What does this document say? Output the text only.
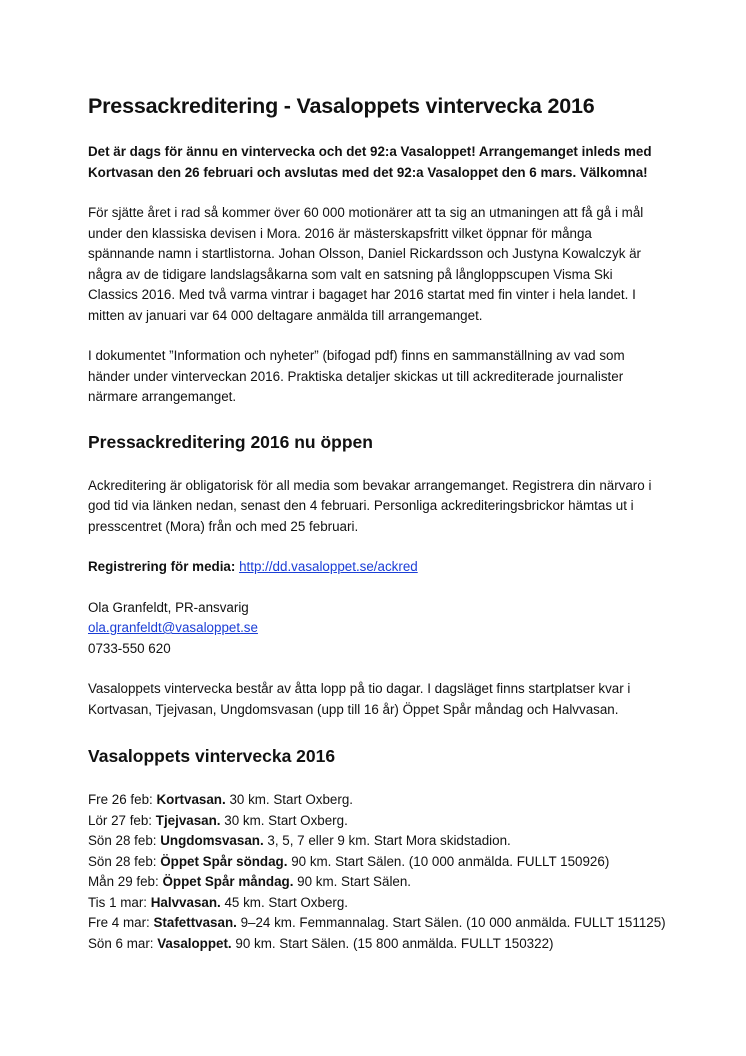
Pressackreditering - Vasaloppets vintervecka 2016

Det är dags för ännu en vintervecka och det 92:a Vasaloppet! Arrangemanget inleds med Kortvasan den 26 februari och avslutas med det 92:a Vasaloppet den 6 mars. Välkomna!

För sjätte året i rad så kommer över 60 000 motionärer att ta sig an utmaningen att få gå i mål under den klassiska devisen i Mora. 2016 är mästerskapsfritt vilket öppnar för många spännande namn i startlistorna. Johan Olsson, Daniel Rickardsson och Justyna Kowalczyk är några av de tidigare landslagsåkarna som valt en satsning på långloppscupen Visma Ski Classics 2016. Med två varma vintrar i bagaget har 2016 startat med fin vinter i hela landet. I mitten av januari var 64 000 deltagare anmälda till arrangemanget.

I dokumentet ”Information och nyheter” (bifogad pdf) finns en sammanställning av vad som händer under vinterveckan 2016. Praktiska detaljer skickas ut till ackrediterade journalister närmare arrangemanget.

Pressackreditering 2016 nu öppen

Ackreditering är obligatorisk för all media som bevakar arrangemanget. Registrera din närvaro i god tid via länken nedan, senast den 4 februari. Personliga ackrediteringsbrickor hämtas ut i presscentret (Mora) från och med 25 februari.

Registrering för media: http://dd.vasaloppet.se/ackred

Ola Granfeldt, PR-ansvarig

ola.granfeldt@vasaloppet.se

0733-550 620

Vasaloppets vintervecka består av åtta lopp på tio dagar. I dagsläget finns startplatser kvar i Kortvasan, Tjejvasan, Ungdomsvasan (upp till 16 år) Öppet Spår måndag och Halvvasan.

Vasaloppets vintervecka 2016

Fre 26 feb: Kortvasan. 30 km. Start Oxberg.

Lör 27 feb: Tjejvasan. 30 km. Start Oxberg.

Sön 28 feb: Ungdomsvasan. 3, 5, 7 eller 9 km. Start Mora skidstadion.

Sön 28 feb: Öppet Spår söndag. 90 km. Start Sälen. (10 000 anmälda. FULLT 150926)

Mån 29 feb: Öppet Spår måndag. 90 km. Start Sälen.

Tis 1 mar: Halvvasan. 45 km. Start Oxberg.

Fre 4 mar: Stafettvasan. 9–24 km. Femmannalag. Start Sälen. (10 000 anmälda. FULLT 151125)

Sön 6 mar: Vasaloppet. 90 km. Start Sälen. (15 800 anmälda. FULLT 150322)
